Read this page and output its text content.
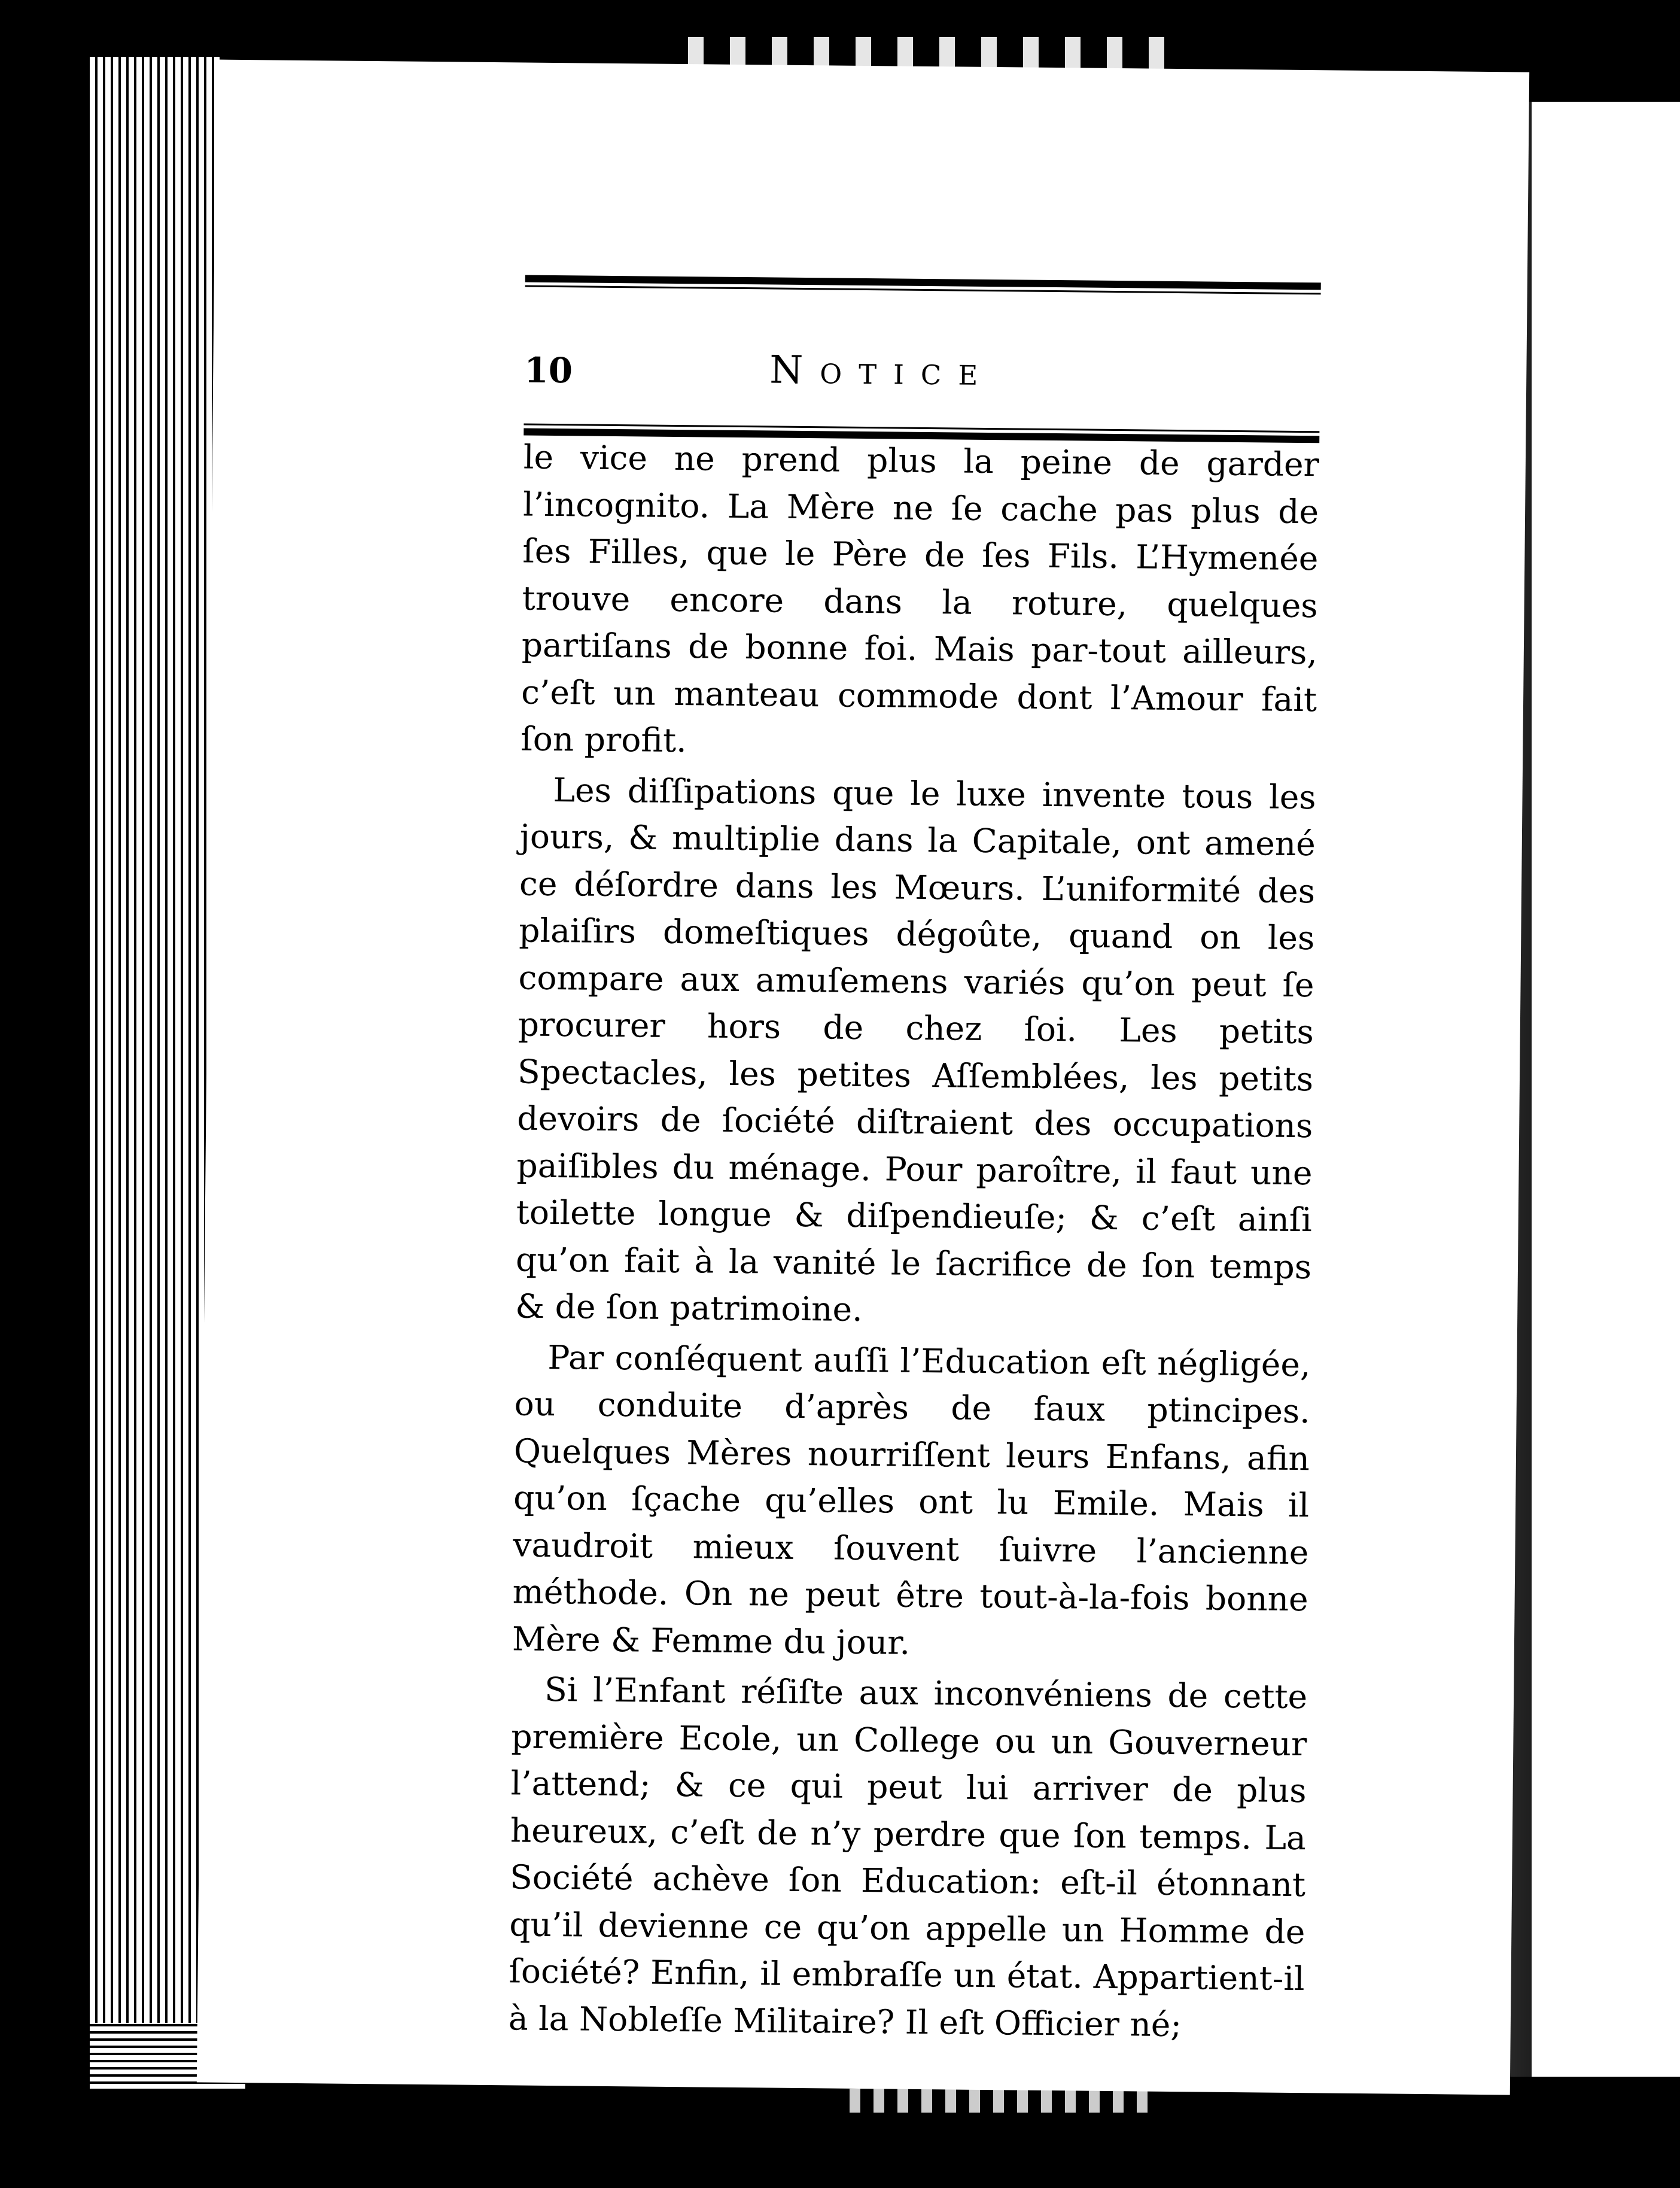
10	Notice

le vice ne prend plus la peine de garder l’incognito. La Mère ne ſe cache pas plus de ſes Filles, que le Père de ſes Fils. L’Hymenée trouve encore dans la roture, quelques partiſans de bonne foi. Mais par-tout ailleurs, c’eſt un manteau commode dont l’Amour fait ſon profit.

Les diſſipations que le luxe invente tous les jours, & multiplie dans la Capitale, ont amené ce déſordre dans les Mœurs. L’uniformité des plaiſirs domeſtiques dégoûte, quand on les compare aux amuſemens variés qu’on peut ſe procurer hors de chez ſoi. Les petits Spectacles, les petites Aſſemblées, les petits devoirs de ſociété diſtraient des occupations paiſibles du ménage. Pour paroître, il faut une toilette longue & diſpendieuſe; & c’eſt ainſi qu’on fait à la vanité le ſacrifice de ſon temps & de ſon patrimoine.

Par conſéquent auſſi l’Education eſt négligée, ou conduite d’après de faux ptincipes. Quelques Mères nourriſſent leurs Enfans, afin qu’on ſçache qu’elles ont lu Emile. Mais il vaudroit mieux ſouvent ſuivre l’ancienne méthode. On ne peut être tout-à-la-fois bonne Mère & Femme du jour.

Si l’Enfant réſiſte aux inconvéniens de cette première Ecole, un College ou un Gouverneur l’attend; & ce qui peut lui arriver de plus heureux, c’eſt de n’y perdre que ſon temps. La Société achève ſon Education: eſt-il étonnant qu’il devienne ce qu’on appelle un Homme de ſociété? Enfin, il embraſſe un état. Appartient-il à la Nobleſſe Militaire? Il eſt Officier né;
